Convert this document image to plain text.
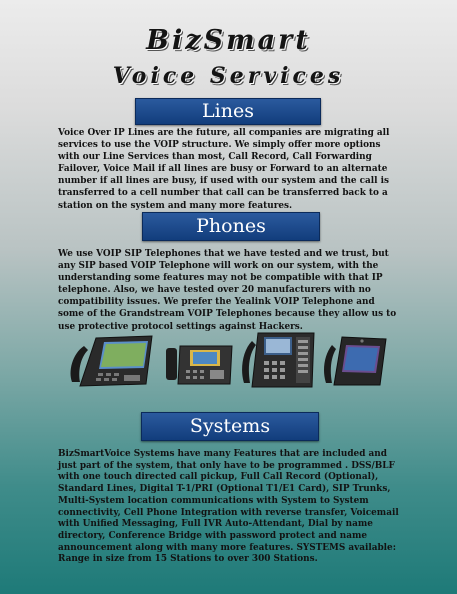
BizSmart
Voice Services
Lines

Voice Over IP Lines are the future, all companies are migrating all services to use the VOIP structure. We simply offer more options with our Line Services than most, Call Record, Call Forwarding Failover, Voice Mail if all lines are busy or Forward to an alternate number if all lines are busy, if used with our system and the call is transferred to a cell number that call can be transferred back to a station on the system and many more features.

Phones

We use VOIP SIP Telephones that we have tested and we trust, but any SIP based VOIP Telephone will work on our system, with the understanding some features may not be compatible with that IP telephone. Also, we have tested over 20 manufacturers with no compatibility issues. We prefer the Yealink VOIP Telephone and some of the Grandstream VOIP Telephones because they allow us to use protective protocol settings against Hackers.

Systems

BizSmartVoice Systems have many Features that are included and just part of the system, that only have to be programmed . DSS/BLF with one touch directed call pickup, Full Call Record (Optional), Standard Lines, Digital T-1/PRI (Optional T1/E1 Card), SIP Trunks, Multi-System location communications with System to System connectivity, Cell Phone Integration with reverse transfer, Voicemail with Unified Messaging, Full IVR Auto-Attendant, Dial by name directory, Conference Bridge with password protect and name announcement along with many more features. SYSTEMS available: Range in size from 15 Stations to over 300 Stations.
